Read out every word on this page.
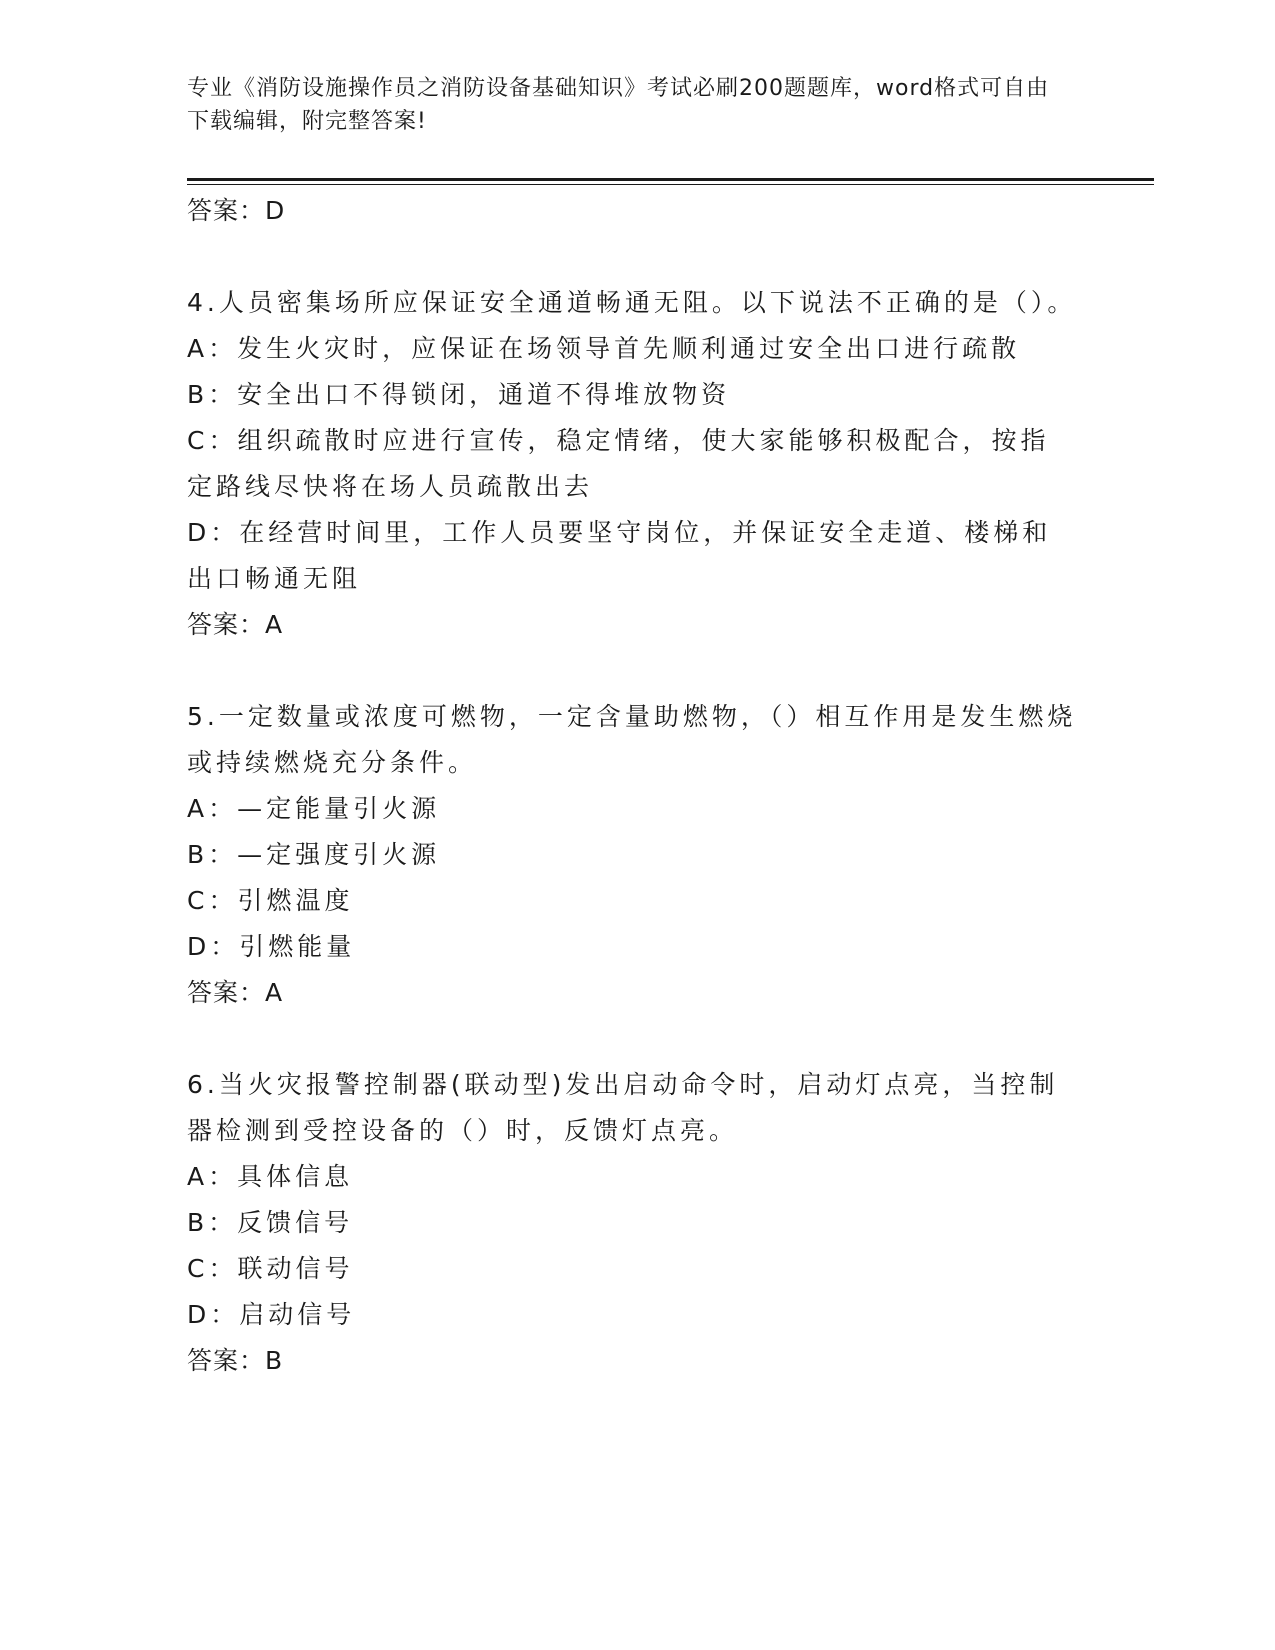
专业《消防设施操作员之消防设备基础知识》考试必刷200题题库，word格式可自由下载编辑，附完整答案!
答案：D
4.人员密集场所应保证安全通道畅通无阻。以下说法不正确的是（）。
A：发生火灾时，应保证在场领导首先顺利通过安全出口进行疏散
B：安全出口不得锁闭，通道不得堆放物资
C：组织疏散时应进行宣传，稳定情绪，使大家能够积极配合，按指定路线尽快将在场人员疏散出去
D：在经营时间里，工作人员要坚守岗位，并保证安全走道、楼梯和出口畅通无阻
答案：A
5.一定数量或浓度可燃物，一定含量助燃物，（）相互作用是发生燃烧或持续燃烧充分条件。
A：—定能量引火源
B：—定强度引火源
C：引燃温度
D：引燃能量
答案：A
6.当火灾报警控制器(联动型)发出启动命令时，启动灯点亮，当控制器检测到受控设备的（）时，反馈灯点亮。
A：具体信息
B：反馈信号
C：联动信号
D：启动信号
答案：B
